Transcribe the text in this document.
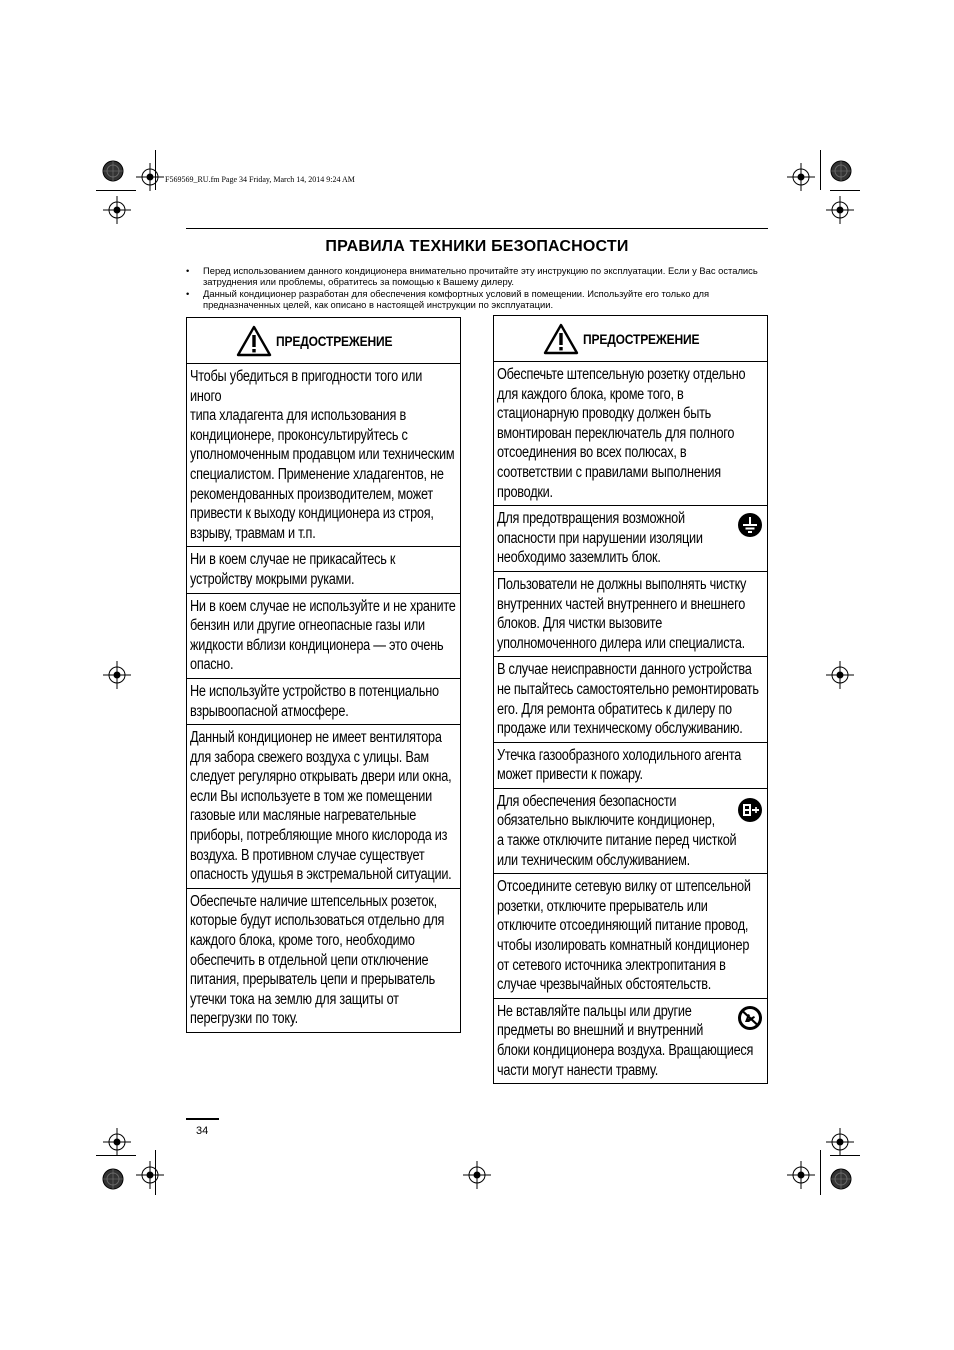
F569569_RU.fm Page 34 Friday, March 14, 2014 9:24 AM
ПРАВИЛА ТЕХНИКИ БЕЗОПАСНОСТИ
• Перед использованием данного кондиционера внимательно прочитайте эту инструкцию по эксплуатации. Если у Вас остались затруднения или проблемы, обратитесь за помощью к Вашему дилеру.
• Данный кондиционер разработан для обеспечения комфортных условий в помещении. Используйте его только для предназначенных целей, как описано в настоящей инструкции по эксплуатации.
ПРЕДОСТРЕЖЕНИЕ
Чтобы убедиться в пригодности того или иного
типа хладагента для использования в
кондиционере, проконсультируйтесь с
уполномоченным продавцом или техническим
специалистом. Применение хладагентов, не
рекомендованных производителем, может
привести к выходу кондиционера из строя,
взрыву, травмам и т.п.
Ни в коем случае не прикасайтесь к
устройству мокрыми руками.
Ни в коем случае не используйте и не храните
бензин или другие огнеопасные газы или
жидкости вблизи кондиционера — это очень
опасно.
Не используйте устройство в потенциально
взрывоопасной атмосфере.
Данный кондиционер не имеет вентилятора
для забора свежего воздуха с улицы. Вам
следует регулярно открывать двери или окна,
если Вы используете в том же помещении
газовые или масляные нагревательные
приборы, потребляющие много кислорода из
воздуха. В противном случае существует
опасность удушья в экстремальной ситуации.
Обеспечьте наличие штепсельных розеток,
которые будут использоваться отдельно для
каждого блока, кроме того, необходимо
обеспечить в отдельной цепи отключение
питания, прерыватель цепи и прерыватель
утечки тока на землю для защиты от
перегрузки по току.
ПРЕДОСТРЕЖЕНИЕ
Обеспечьте штепсельную розетку отдельно
для каждого блока, кроме того, в
стационарную проводку должен быть
вмонтирован переключатель для полного
отсоединения во всех полюсах, в
соответствии с правилами выполнения
проводки.
Для предотвращения возможной
опасности при нарушении изоляции
необходимо заземлить блок.
Пользователи не должны выполнять чистку
внутренних частей внутреннего и внешнего
блоков. Для чистки вызовите
уполномоченного дилера или специалиста.
В случае неисправности данного устройства
не пытайтесь самостоятельно ремонтировать
его. Для ремонта обратитесь к дилеру по
продаже или техническому обслуживанию.
Утечка газообразного холодильного агента
может привести к пожару.
Для обеспечения безопасности
обязательно выключите кондиционер,
а также отключите питание перед чисткой
или техническим обслуживанием.
Отсоедините сетевую вилку от штепсельной
розетки, отключите прерыватель или
отключите отсоединяющий питание провод,
чтобы изолировать комнатный кондиционер
от сетевого источника электропитания в
случае чрезвычайных обстоятельств.
Не вставляйте пальцы или другие
предметы во внешний и внутренний
блоки кондиционера воздуха. Вращающиеся
части могут нанести травму.
34
